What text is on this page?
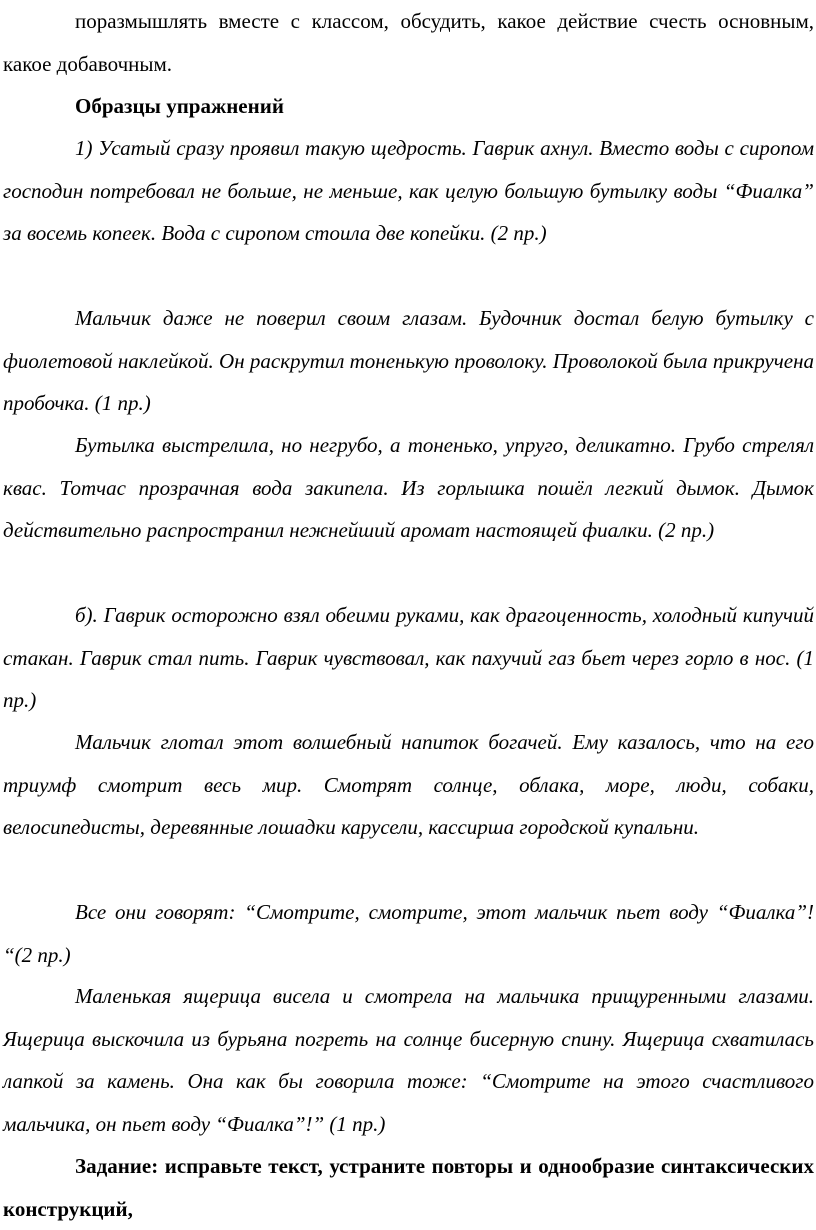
поразмышлять вместе с классом, обсудить, какое действие счесть основным, какое добавочным.

Образцы упражнений

1) Усатый сразу проявил такую щедрость. Гаврик ахнул. Вместо воды с сиропом господин потребовал не больше, не меньше, как целую большую бутылку воды “Фиалка” за восемь копеек. Вода с сиропом стоила две копейки. (2 пр.)

Мальчик даже не поверил своим глазам. Будочник достал белую бутылку с фиолетовой наклейкой. Он раскрутил тоненькую проволоку. Проволокой была прикручена пробочка. (1 пр.)

Бутылка выстрелила, но негрубо, а тоненько, упруго, деликатно. Грубо стрелял квас. Тотчас прозрачная вода закипела. Из горлышка пошёл легкий дымок. Дымок действительно распространил нежнейший аромат настоящей фиалки. (2 пр.)

б). Гаврик осторожно взял обеими руками, как драгоценность, холодный кипучий стакан. Гаврик стал пить. Гаврик чувствовал, как пахучий газ бьет через горло в нос. (1 пр.)

Мальчик глотал этот волшебный напиток богачей. Ему казалось, что на его триумф смотрит весь мир. Смотрят солнце, облака, море, люди, собаки, велосипедисты, деревянные лошадки карусели, кассирша городской купальни.

Все они говорят: “Смотрите, смотрите, этот мальчик пьет воду “Фиалка”! “(2 пр.)

Маленькая ящерица висела и смотрела на мальчика прищуренными глазами. Ящерица выскочила из бурьяна погреть на солнце бисерную спину. Ящерица схватилась лапкой за камень. Она как бы говорила тоже: “Смотрите на этого счастливого мальчика, он пьет воду “Фиалка”!” (1 пр.)

Задание: исправьте текст, устраните повторы и однообразие синтаксических конструкций,
